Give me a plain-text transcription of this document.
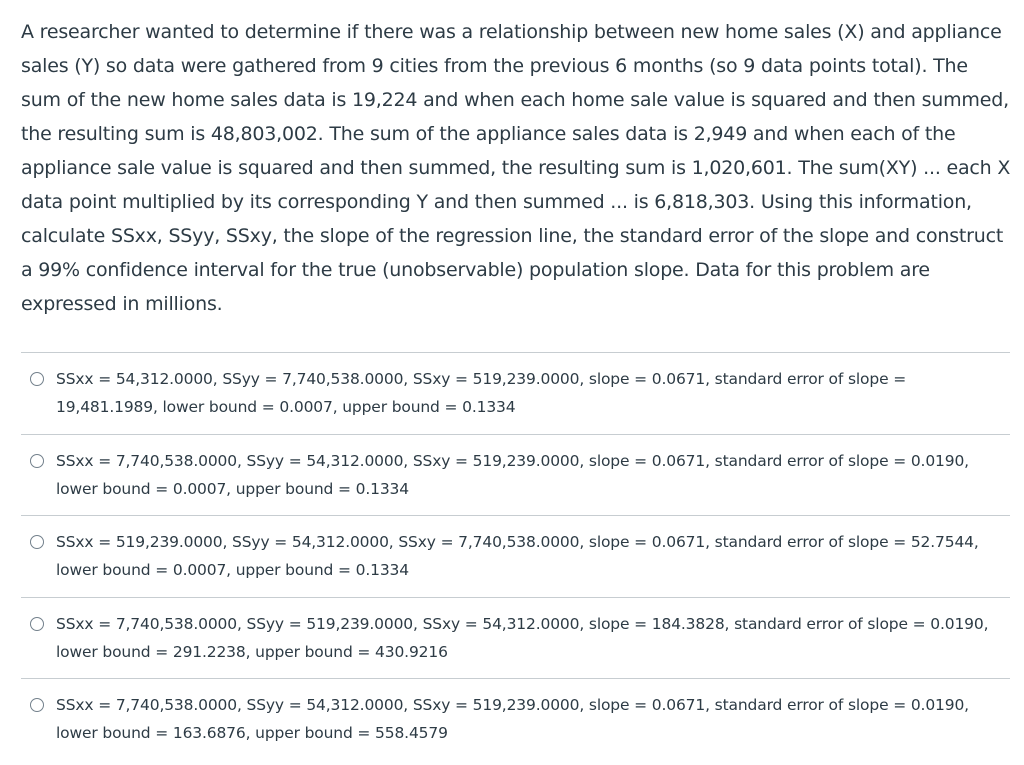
A researcher wanted to determine if there was a relationship between new home sales (X) and appliance sales (Y) so data were gathered from 9 cities from the previous 6 months (so 9 data points total). The sum of the new home sales data is 19,224 and when each home sale value is squared and then summed, the resulting sum is 48,803,002. The sum of the appliance sales data is 2,949 and when each of the appliance sale value is squared and then summed, the resulting sum is 1,020,601. The sum(XY) ... each X data point multiplied by its corresponding Y and then summed ... is 6,818,303. Using this information, calculate SSxx, SSyy, SSxy, the slope of the regression line, the standard error of the slope and construct a 99% confidence interval for the true (unobservable) population slope. Data for this problem are expressed in millions.

SSxx = 54,312.0000, SSyy = 7,740,538.0000, SSxy = 519,239.0000, slope = 0.0671, standard error of slope = 19,481.1989, lower bound = 0.0007, upper bound = 0.1334
SSxx = 7,740,538.0000, SSyy = 54,312.0000, SSxy = 519,239.0000, slope = 0.0671, standard error of slope = 0.0190, lower bound = 0.0007, upper bound = 0.1334
SSxx = 519,239.0000, SSyy = 54,312.0000, SSxy = 7,740,538.0000, slope = 0.0671, standard error of slope = 52.7544, lower bound = 0.0007, upper bound = 0.1334
SSxx = 7,740,538.0000, SSyy = 519,239.0000, SSxy = 54,312.0000, slope = 184.3828, standard error of slope = 0.0190, lower bound = 291.2238, upper bound = 430.9216
SSxx = 7,740,538.0000, SSyy = 54,312.0000, SSxy = 519,239.0000, slope = 0.0671, standard error of slope = 0.0190, lower bound = 163.6876, upper bound = 558.4579
